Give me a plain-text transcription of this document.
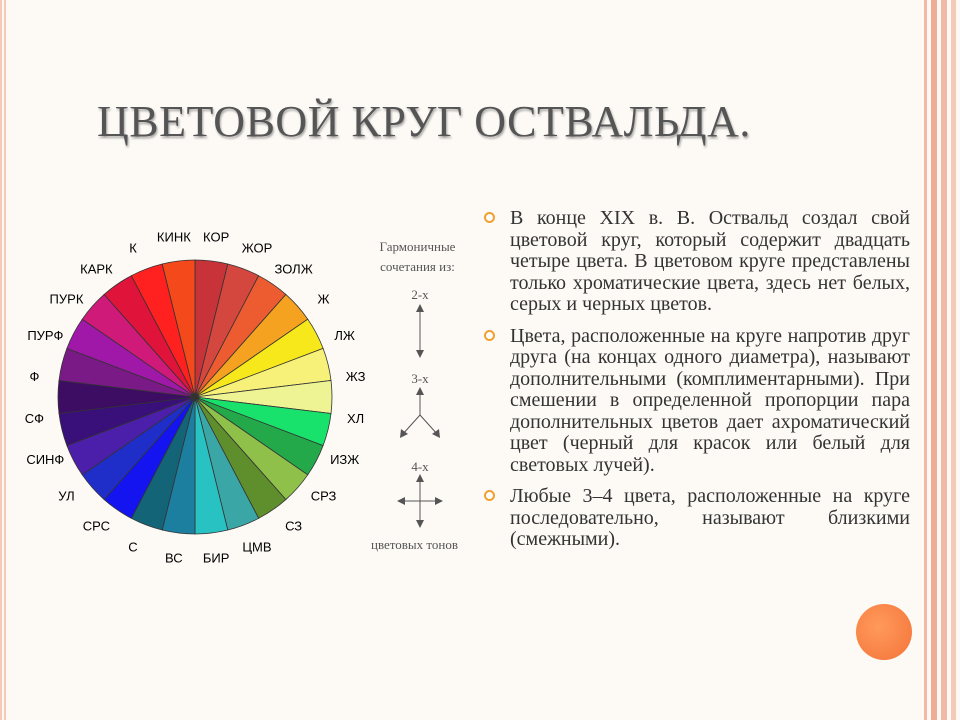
ЦВЕТОВОЙ КРУГ ОСТВАЛЬДА.
КОР
ЖОР
ЗОЛЖ
Ж
ЛЖ
ЖЗ
ХЛ
ИЗЖ
СРЗ
СЗ
ЦМВ
БИР
ВС
С
СРС
УЛ
СИНФ
СФ
Ф
ПУРФ
ПУРК
КАРК
К
КИНК
Гармоничные
сочетания из:
2-х
3-х
4-х
цветовых тонов
В конце XIX в. В. Оствальд создал свой цветовой круг, который содержит двадцать четыре цвета. В цветовом круге представлены только хроматические цвета, здесь нет белых, серых и черных цветов.
Цвета, расположенные на круге напротив друг друга (на концах одного диаметра), называют дополнительными (комплиментарными). При смешении в определенной пропорции пара дополнительных цветов дает ахроматический цвет (черный для красок или белый для световых лучей).
Любые 3–4 цвета, расположенные на круге последовательно, называют близкими (смежными).
